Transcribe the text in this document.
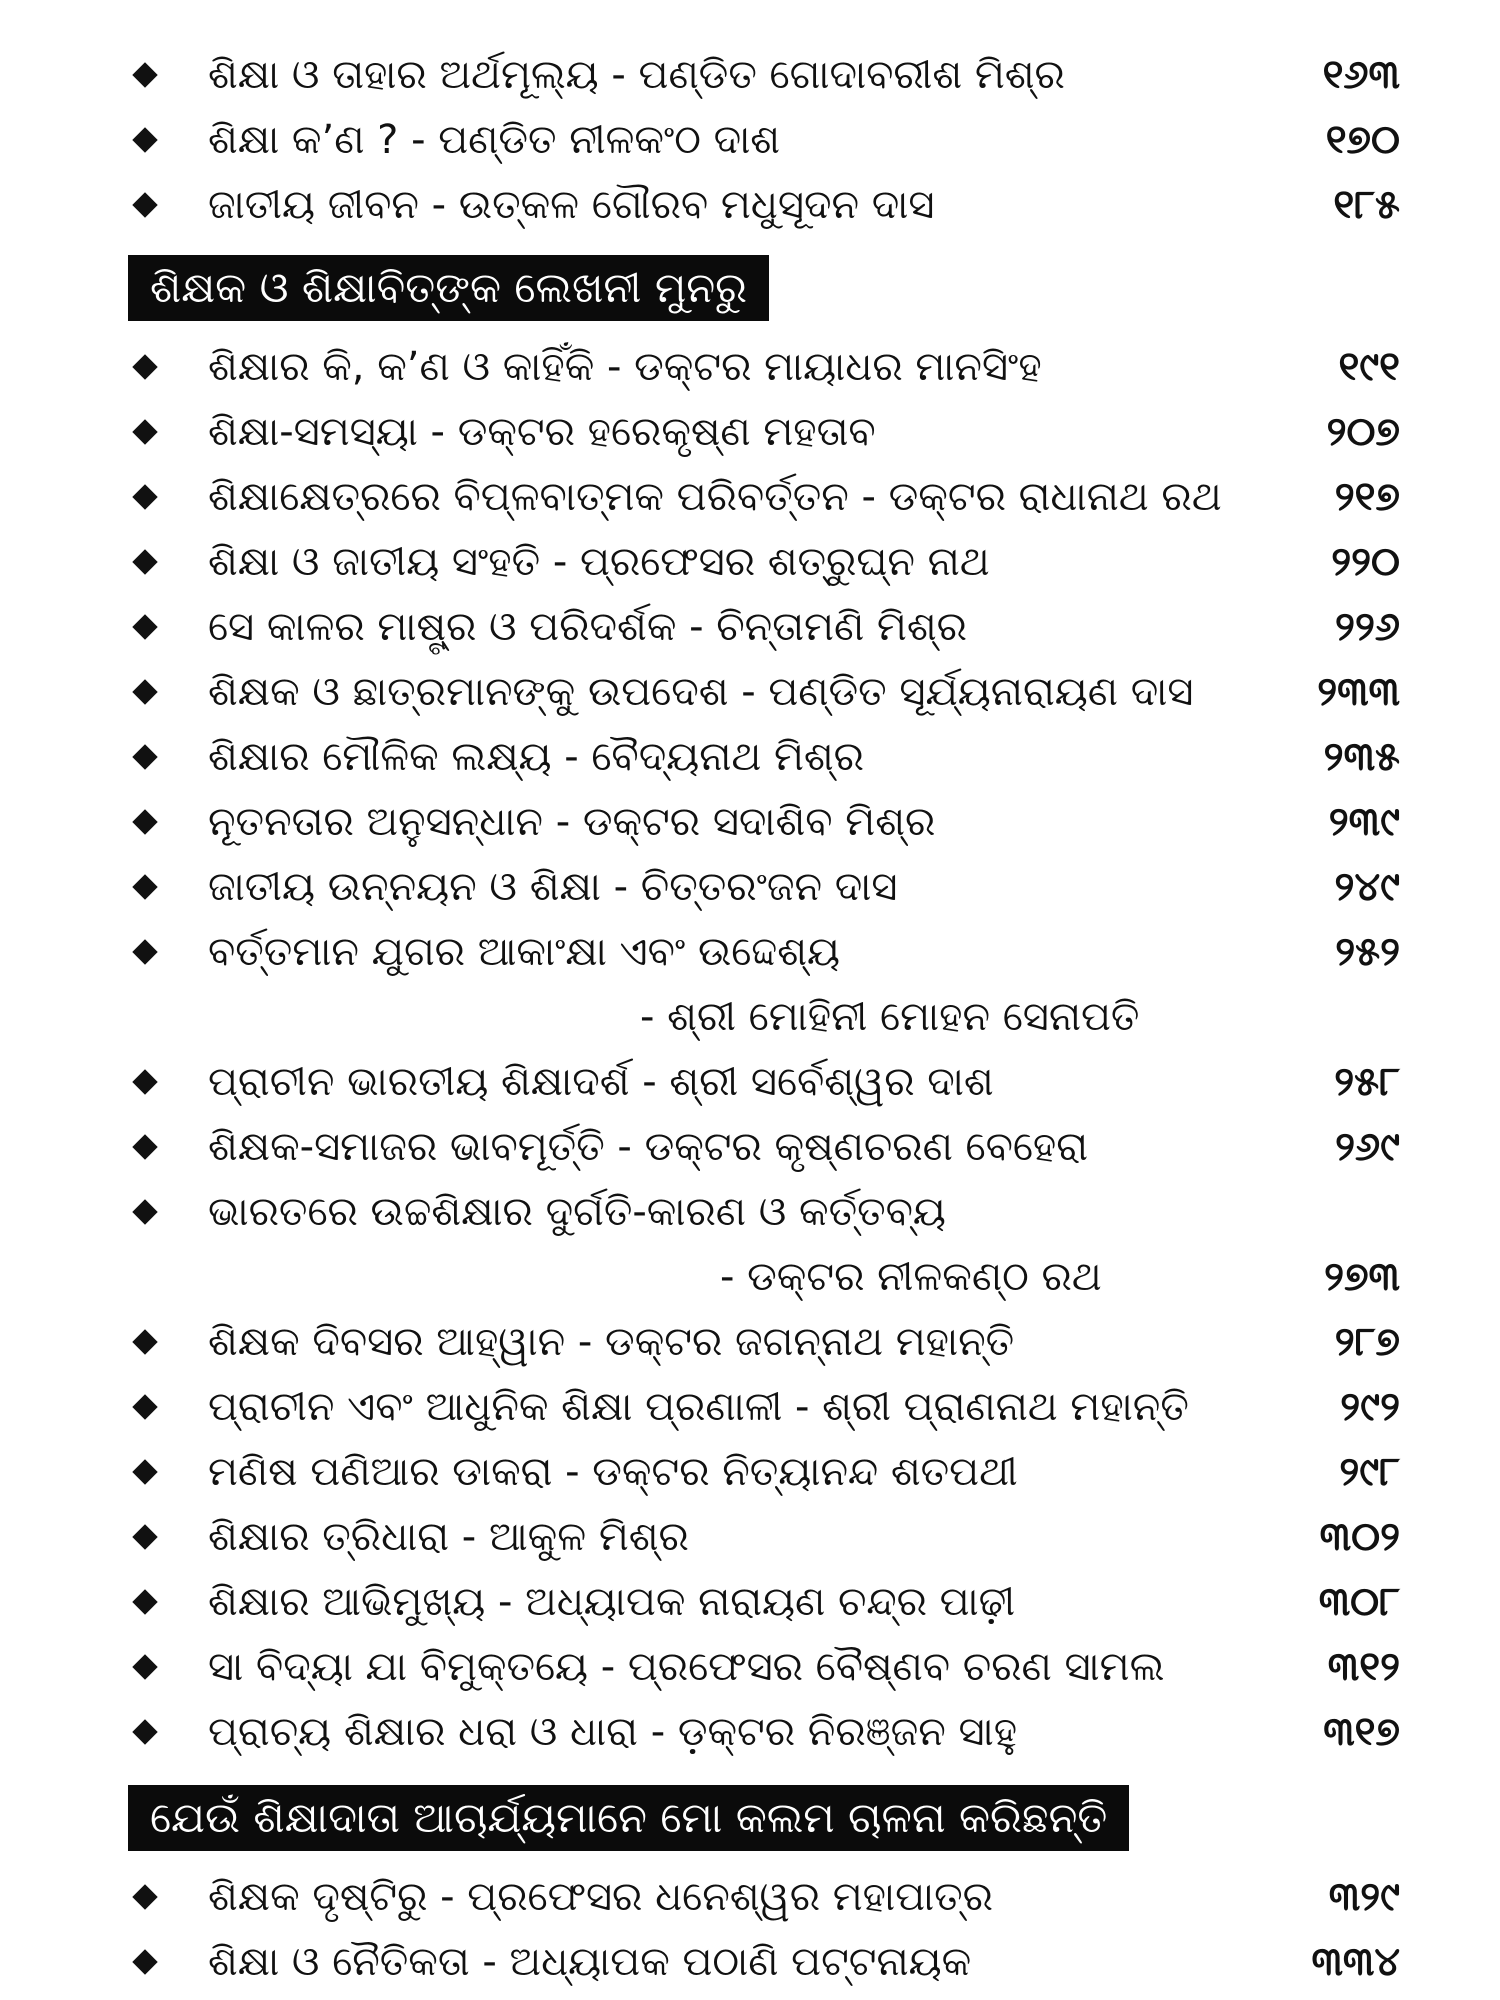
ଶିକ୍ଷା ଓ ତାହାର ଅର୍ଥମୂଲ୍ୟ - ପଣ୍ଡିତ ଗୋଦାବରୀଶ ମିଶ୍ର	୧୬୩
ଶିକ୍ଷା କ’ଣ ? - ପଣ୍ଡିତ ନୀଳକଂଠ ଦାଶ	୧୭୦
ଜାତୀୟ ଜୀବନ - ଉତ୍କଳ ଗୌରବ ମଧୁସୂଦନ ଦାସ	୧୮୫
ଶିକ୍ଷକ ଓ ଶିକ୍ଷାବିତ୍‌ଙ୍କ ଲେଖନୀ ମୁନରୁ
ଶିକ୍ଷାର କି, କ’ଣ ଓ କାହିଁକି - ଡକ୍ଟର ମାୟାଧର ମାନସିଂହ	୧୯୧
ଶିକ୍ଷା-ସମସ୍ୟା - ଡକ୍ଟର ହରେକୃଷ୍ଣ ମହତାବ	୨୦୭
ଶିକ୍ଷାକ୍ଷେତ୍ରରେ ବିପ୍ଳବାତ୍ମକ ପରିବର୍ତ୍ତନ - ଡକ୍ଟର ରାଧାନାଥ ରଥ	୨୧୭
ଶିକ୍ଷା ଓ ଜାତୀୟ ସଂହତି - ପ୍ରଫେସର ଶତ୍ରୁଘ୍ନ ନାଥ	୨୨୦
ସେ କାଳର ମାଷ୍ଟ୍ର ଓ ପରିଦର୍ଶକ - ଚିନ୍ତାମଣି ମିଶ୍ର	୨୨୬
ଶିକ୍ଷକ ଓ ଛାତ୍ରମାନଙ୍କୁ ଉପଦେଶ - ପଣ୍ଡିତ ସୂର୍ଯ୍ୟନାରାୟଣ ଦାସ	୨୩୩
ଶିକ୍ଷାର ମୌଳିକ ଲକ୍ଷ୍ୟ - ବୈଦ୍ୟନାଥ ମିଶ୍ର	୨୩୫
ନୂତନତାର ଅନୁସନ୍ଧାନ - ଡକ୍ଟର ସଦାଶିବ ମିଶ୍ର	୨୩୯
ଜାତୀୟ ଉନ୍ନୟନ ଓ ଶିକ୍ଷା - ଚିତ୍ତରଂଜନ ଦାସ	୨୪୯
ବର୍ତ୍ତମାନ ଯୁଗର ଆକାଂକ୍ଷା ଏବଂ ଉଦ୍ଦେଶ୍ୟ	୨୫୨
- ଶ୍ରୀ ମୋହିନୀ ମୋହନ ସେନାପତି
ପ୍ରାଚୀନ ଭାରତୀୟ ଶିକ୍ଷାଦର୍ଶ - ଶ୍ରୀ ସର୍ବେଶ୍ୱର ଦାଶ	୨୫୮
ଶିକ୍ଷକ-ସମାଜର ଭାବମୂର୍ତ୍ତି - ଡକ୍ଟର କୃଷ୍ଣଚରଣ ବେହେରା	୨୬୯
ଭାରତରେ ଉଚ୍ଚଶିକ୍ଷାର ଦୁର୍ଗତି-କାରଣ ଓ କର୍ତ୍ତବ୍ୟ
- ଡକ୍ଟର ନୀଳକଣ୍ଠ ରଥ	୨୭୩
ଶିକ୍ଷକ ଦିବସର ଆହ୍ୱାନ - ଡକ୍ଟର ଜଗନ୍ନାଥ ମହାନ୍ତି	୨୮୭
ପ୍ରାଚୀନ ଏବଂ ଆଧୁନିକ ଶିକ୍ଷା ପ୍ରଣାଳୀ - ଶ୍ରୀ ପ୍ରାଣନାଥ ମହାନ୍ତି	୨୯୨
ମଣିଷ ପଣିଆର ଡାକରା - ଡକ୍ଟର ନିତ୍ୟାନନ୍ଦ ଶତପଥୀ	୨୯୮
ଶିକ୍ଷାର ତ୍ରିଧାରା - ଆକୁଳ ମିଶ୍ର	୩୦୨
ଶିକ୍ଷାର ଆଭିମୁଖ୍ୟ - ଅଧ୍ୟାପକ ନାରାୟଣ ଚନ୍ଦ୍ର ପାଢ଼ୀ	୩୦୮
ସା ବିଦ୍ୟା ଯା ବିମୁକ୍ତୟେ - ପ୍ରଫେସର ବୈଷ୍ଣବ ଚରଣ ସାମଲ	୩୧୨
ପ୍ରାଚ୍ୟ ଶିକ୍ଷାର ଧରା ଓ ଧାରା - ଡ଼କ୍ଟର ନିରଞ୍ଜନ ସାହୁ	୩୧୭
ଯେଉଁ ଶିକ୍ଷାଦାତା ଆଚାର୍ଯ୍ୟମାନେ ମୋ କଲମ ଚାଳନା କରିଛନ୍ତି
ଶିକ୍ଷକ ଦୃଷ୍ଟିରୁ - ପ୍ରଫେସର ଧନେଶ୍ୱର ମହାପାତ୍ର	୩୨୯
ଶିକ୍ଷା ଓ ନୈତିକତା - ଅଧ୍ୟାପକ ପଠାଣି ପଟ୍ଟନାୟକ	୩୩୪
